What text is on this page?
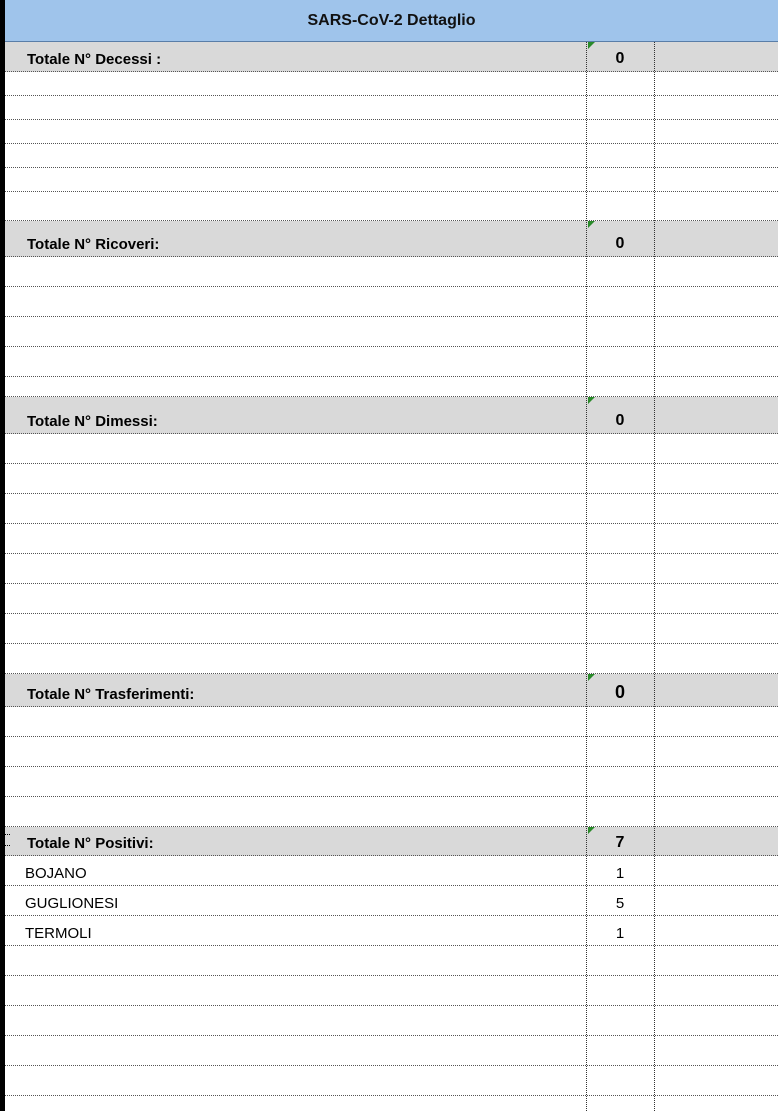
SARS-CoV-2 Dettaglio
Totale N° Decessi :	0
Totale N° Ricoveri:	0
Totale N° Dimessi:	0
Totale N° Trasferimenti:	0
Totale N° Positivi:	7
BOJANO	1
GUGLIONESI	5
TERMOLI	1
